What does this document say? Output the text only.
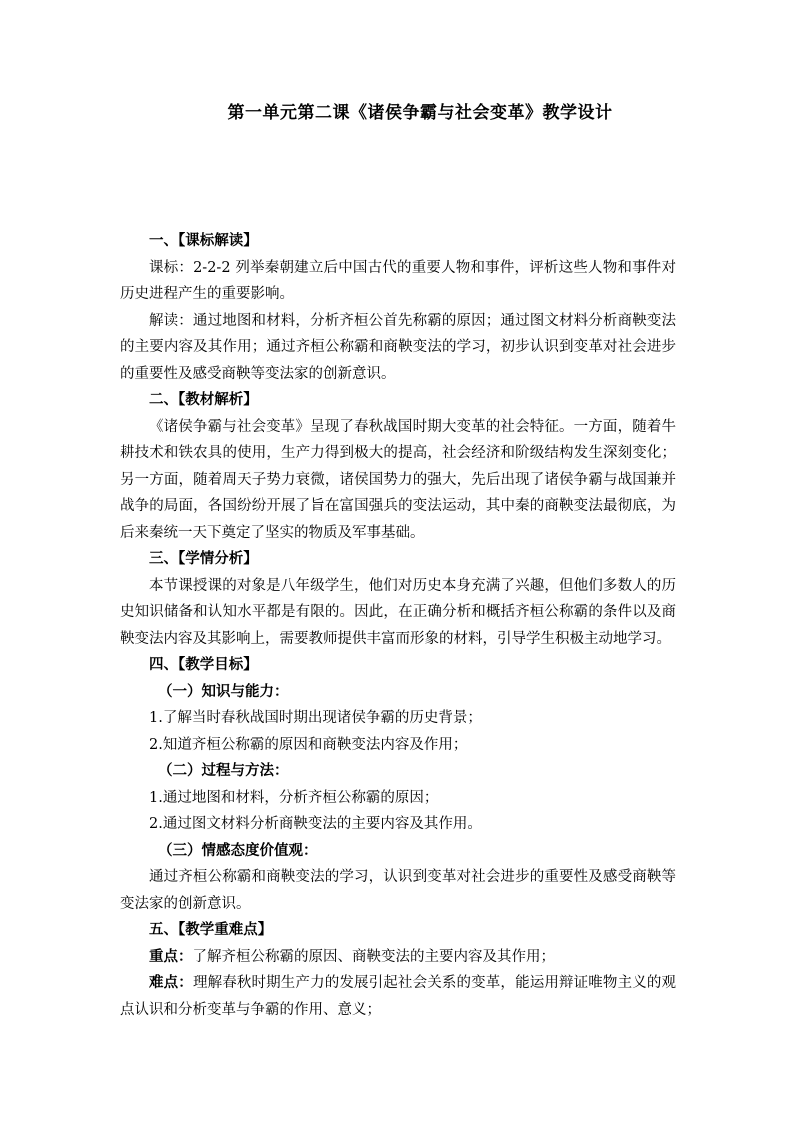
第一单元第二课《诸侯争霸与社会变革》教学设计

一、【课标解读】

课标：2-2-2 列举秦朝建立后中国古代的重要人物和事件，评析这些人物和事件对历史进程产生的重要影响。

解读：通过地图和材料，分析齐桓公首先称霸的原因；通过图文材料分析商鞅变法的主要内容及其作用；通过齐桓公称霸和商鞅变法的学习，初步认识到变革对社会进步的重要性及感受商鞅等变法家的创新意识。

二、【教材解析】

《诸侯争霸与社会变革》呈现了春秋战国时期大变革的社会特征。一方面，随着牛耕技术和铁农具的使用，生产力得到极大的提高，社会经济和阶级结构发生深刻变化；另一方面，随着周天子势力衰微，诸侯国势力的强大，先后出现了诸侯争霸与战国兼并战争的局面，各国纷纷开展了旨在富国强兵的变法运动，其中秦的商鞅变法最彻底，为后来秦统一天下奠定了坚实的物质及军事基础。

三、【学情分析】

本节课授课的对象是八年级学生，他们对历史本身充满了兴趣，但他们多数人的历史知识储备和认知水平都是有限的。因此，在正确分析和概括齐桓公称霸的条件以及商鞅变法内容及其影响上，需要教师提供丰富而形象的材料，引导学生积极主动地学习。

四、【教学目标】

（一）知识与能力：

1.了解当时春秋战国时期出现诸侯争霸的历史背景；

2.知道齐桓公称霸的原因和商鞅变法内容及作用；

（二）过程与方法：

1.通过地图和材料，分析齐桓公称霸的原因；

2.通过图文材料分析商鞅变法的主要内容及其作用。

（三）情感态度价值观：

通过齐桓公称霸和商鞅变法的学习，认识到变革对社会进步的重要性及感受商鞅等变法家的创新意识。

五、【教学重难点】

重点：了解齐桓公称霸的原因、商鞅变法的主要内容及其作用；

难点：理解春秋时期生产力的发展引起社会关系的变革，能运用辩证唯物主义的观点认识和分析变革与争霸的作用、意义；
